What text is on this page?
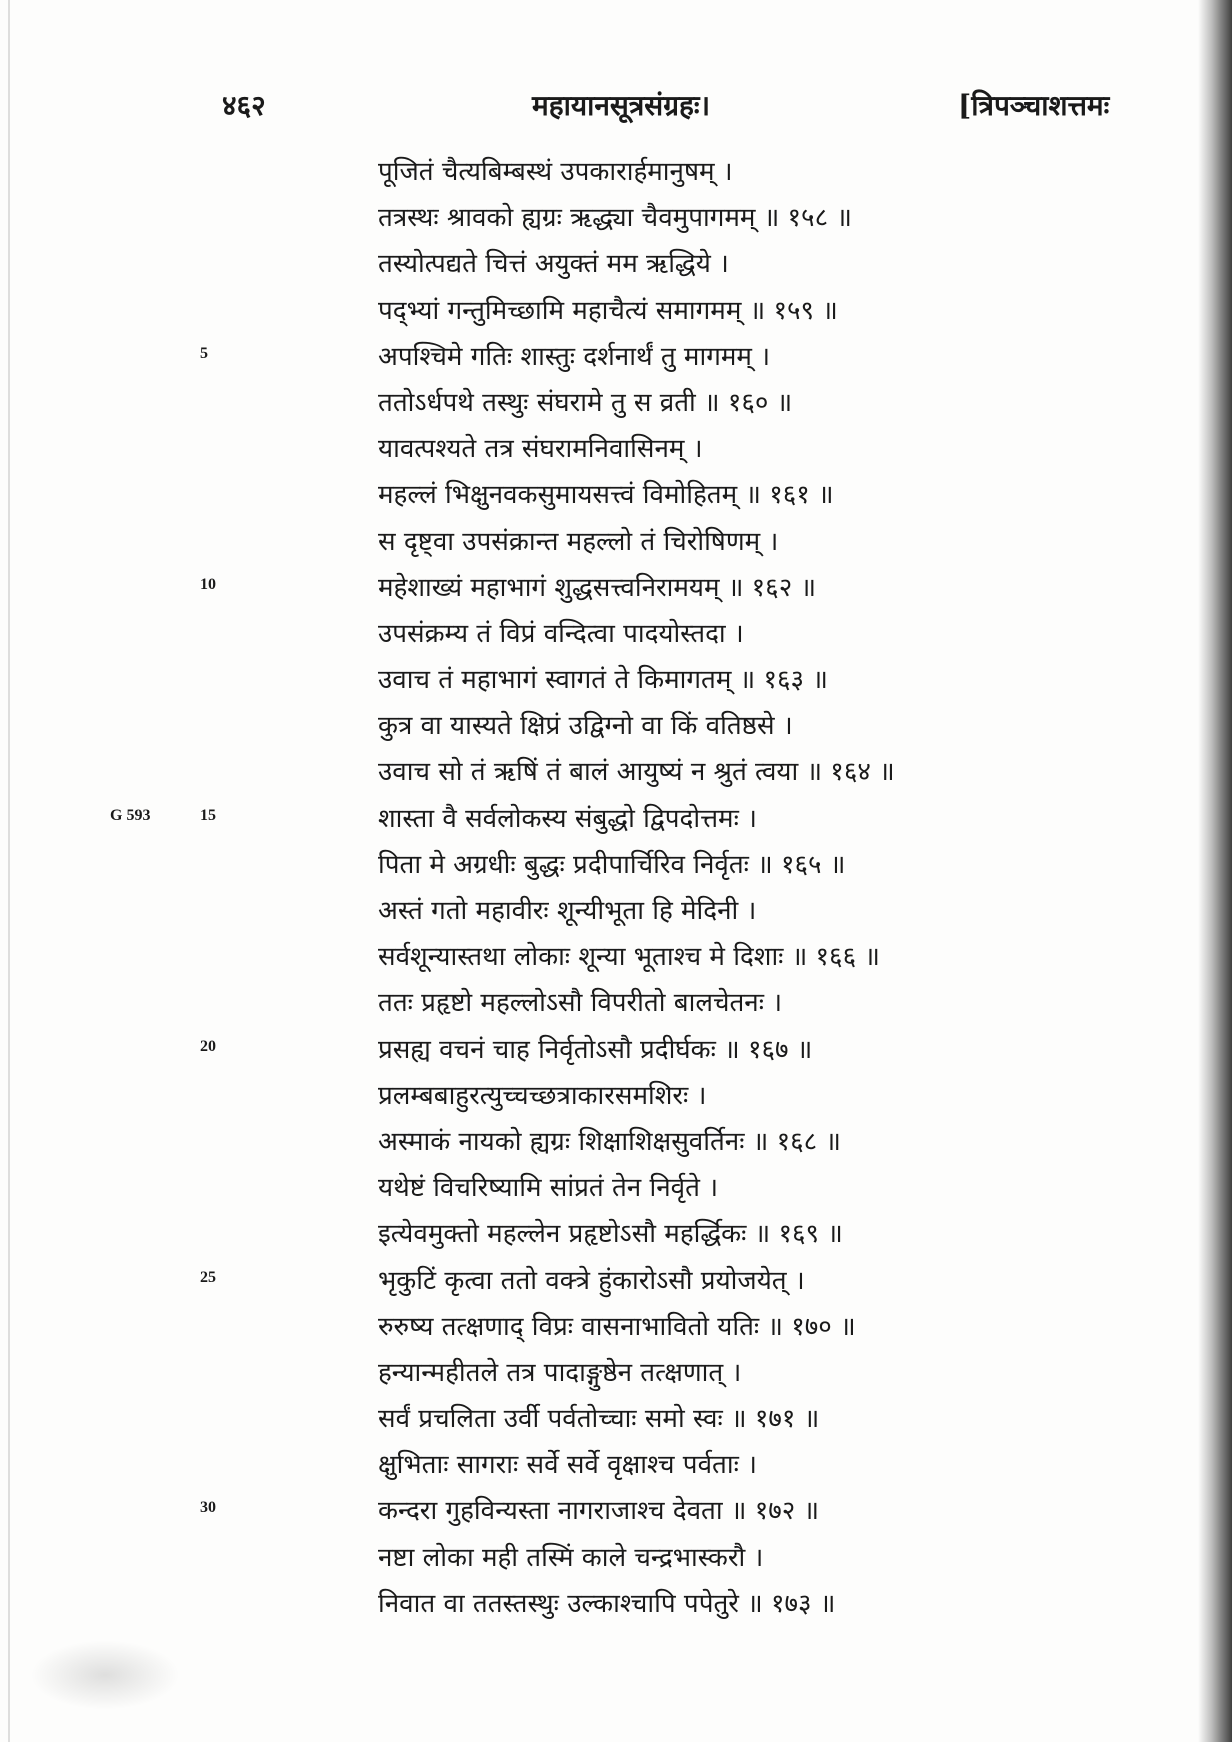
४६२	महायानसूत्रसंग्रहः।	[त्रिपञ्चाशत्तमः
पूजितं चैत्यबिम्बस्थं उपकारार्हमानुषम् ।
तत्रस्थः श्रावको ह्यग्रः ऋद्ध्या चैवमुपागमम् ॥ १५८ ॥
तस्योत्पद्यते चित्तं अयुक्तं मम ऋद्धिये ।
पद्भ्यां गन्तुमिच्छामि महाचैत्यं समागमम् ॥ १५९ ॥
5	अपश्चिमे गतिः शास्तुः दर्शनार्थं तु मागमम् ।
ततोऽर्धपथे तस्थुः संघरामे तु स व्रती ॥ १६० ॥
यावत्पश्यते तत्र संघरामनिवासिनम् ।
महल्लं भिक्षुनवकसुमायसत्त्वं विमोहितम् ॥ १६१ ॥
स दृष्ट्वा उपसंक्रान्त महल्लो तं चिरोषिणम् ।
10	महेशाख्यं महाभागं शुद्धसत्त्वनिरामयम् ॥ १६२ ॥
उपसंक्रम्य तं विप्रं वन्दित्वा पादयोस्तदा ।
उवाच तं महाभागं स्वागतं ते किमागतम् ॥ १६३ ॥
कुत्र वा यास्यते क्षिप्रं उद्विग्नो वा किं वतिष्ठसे ।
उवाच सो तं ऋषिं तं बालं आयुष्यं न श्रुतं त्वया ॥ १६४ ॥
G 593	15	शास्ता वै सर्वलोकस्य संबुद्धो द्विपदोत्तमः ।
पिता मे अग्रधीः बुद्धः प्रदीपार्चिरिव निर्वृतः ॥ १६५ ॥
अस्तं गतो महावीरः शून्यीभूता हि मेदिनी ।
सर्वशून्यास्तथा लोकाः शून्या भूताश्च मे दिशाः ॥ १६६ ॥
ततः प्रहृष्टो महल्लोऽसौ विपरीतो बालचेतनः ।
20	प्रसह्य वचनं चाह निर्वृतोऽसौ प्रदीर्घकः ॥ १६७ ॥
प्रलम्बबाहुरत्युच्चच्छत्राकारसमशिरः ।
अस्माकं नायको ह्यग्रः शिक्षाशिक्षसुवर्तिनः ॥ १६८ ॥
यथेष्टं विचरिष्यामि सांप्रतं तेन निर्वृते ।
इत्येवमुक्तो महल्लेन प्रहृष्टोऽसौ महर्द्धिकः ॥ १६९ ॥
25	भृकुटिं कृत्वा ततो वक्त्रे हुंकारोऽसौ प्रयोजयेत् ।
रुरुष्य तत्क्षणाद् विप्रः वासनाभावितो यतिः ॥ १७० ॥
हन्यान्महीतले तत्र पादाङ्गुष्ठेन तत्क्षणात् ।
सर्वं प्रचलिता उर्वी पर्वतोच्चाः समो स्वः ॥ १७१ ॥
क्षुभिताः सागराः सर्वे सर्वे वृक्षाश्च पर्वताः ।
30	कन्दरा गुहविन्यस्ता नागराजाश्च देवता ॥ १७२ ॥
नष्टा लोका मही तस्मिं काले चन्द्रभास्करौ ।
निवात वा ततस्तस्थुः उल्काश्चापि पपेतुरे ॥ १७३ ॥
